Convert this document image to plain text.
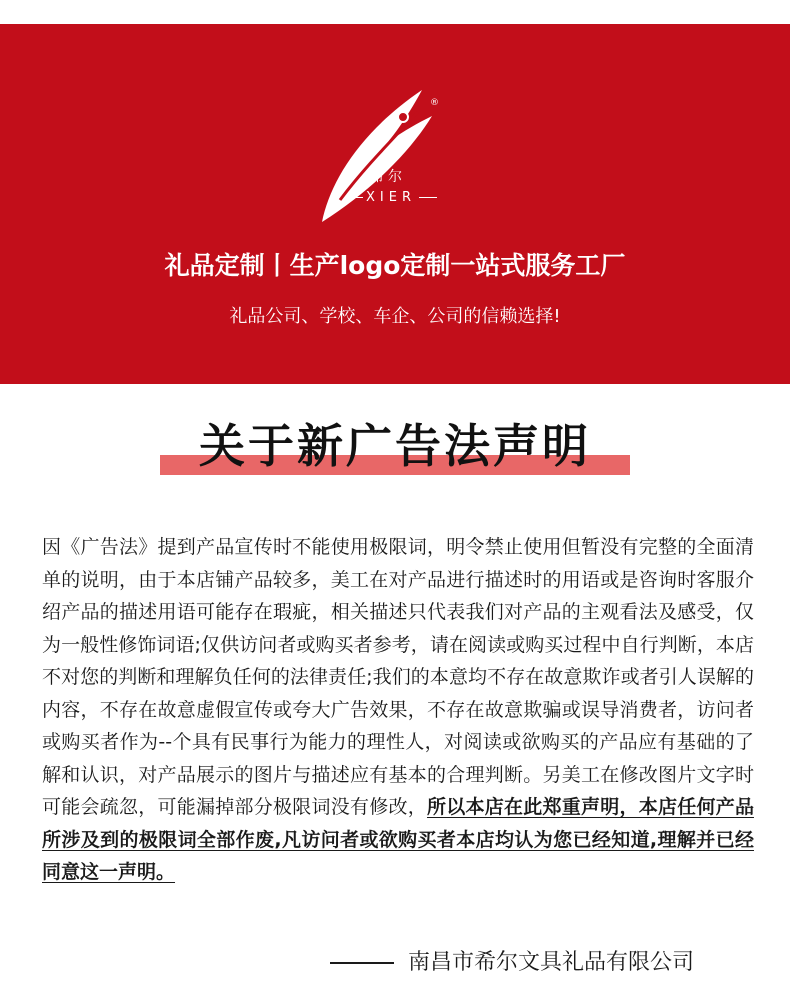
®
希尔
XIER
礼品定制丨生产logo定制一站式服务工厂
礼品公司、学校、车企、公司的信赖选择!
关于新广告法声明
因《广告法》提到产品宣传时不能使用极限词，明令禁止使用但暂没有完整的全面清单的说明，由于本店铺产品较多，美工在对产品进行描述时的用语或是咨询时客服介绍产品的描述用语可能存在瑕疵，相关描述只代表我们对产品的主观看法及感受，仅为一般性修饰词语;仅供访问者或购买者参考，请在阅读或购买过程中自行判断，本店不对您的判断和理解负任何的法律责任;我们的本意均不存在故意欺诈或者引人误解的内容，不存在故意虚假宣传或夸大广告效果，不存在故意欺骗或误导消费者，访问者或购买者作为--个具有民事行为能力的理性人，对阅读或欲购买的产品应有基础的了解和认识，对产品展示的图片与描述应有基本的合理判断。另美工在修改图片文字时可能会疏忽，可能漏掉部分极限词没有修改，所以本店在此郑重声明，本店任何产品所涉及到的极限词全部作废,凡访问者或欲购买者本店均认为您已经知道,理解并已经同意这一声明。
南昌市希尔文具礼品有限公司
